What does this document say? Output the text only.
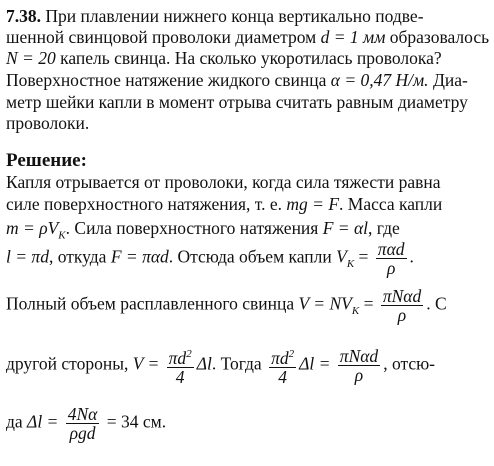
7.38. При плавлении нижнего конца вертикально подве-
шенной свинцовой проволоки диаметром d = 1 мм образовалось
N = 20 капель свинца. На сколько укоротилась проволока?
Поверхностное натяжение жидкого свинца α = 0,47 Н/м. Диа-
метр шейки капли в момент отрыва считать равным диаметру
проволоки.
Решение:
Капля отрывается от проволоки, когда сила тяжести равна
силе поверхностного натяжения, т. е. mg = F. Масса капли
$m = \rho V_K$. Сила поверхностного натяжения F = αl, где
l = πd, откуда F = παd. Отсюда объем капли $V_K = \frac{\text{παd}}{\rho}$ .
Полный объем расплавленного свинца $V = NV_K = \frac{\text{πNαd}}{\rho}$ . С
другой стороны, $V = \frac{\pi d^2}{4} \Delta l$. Тогда $\frac{\pi d^2}{4}$ $\Delta l = \frac{\text{πNαd}}{\rho}$ , отсю-
да $\Delta l = \frac{4N\alpha}{\text{ρgd}} = 34$ см.
